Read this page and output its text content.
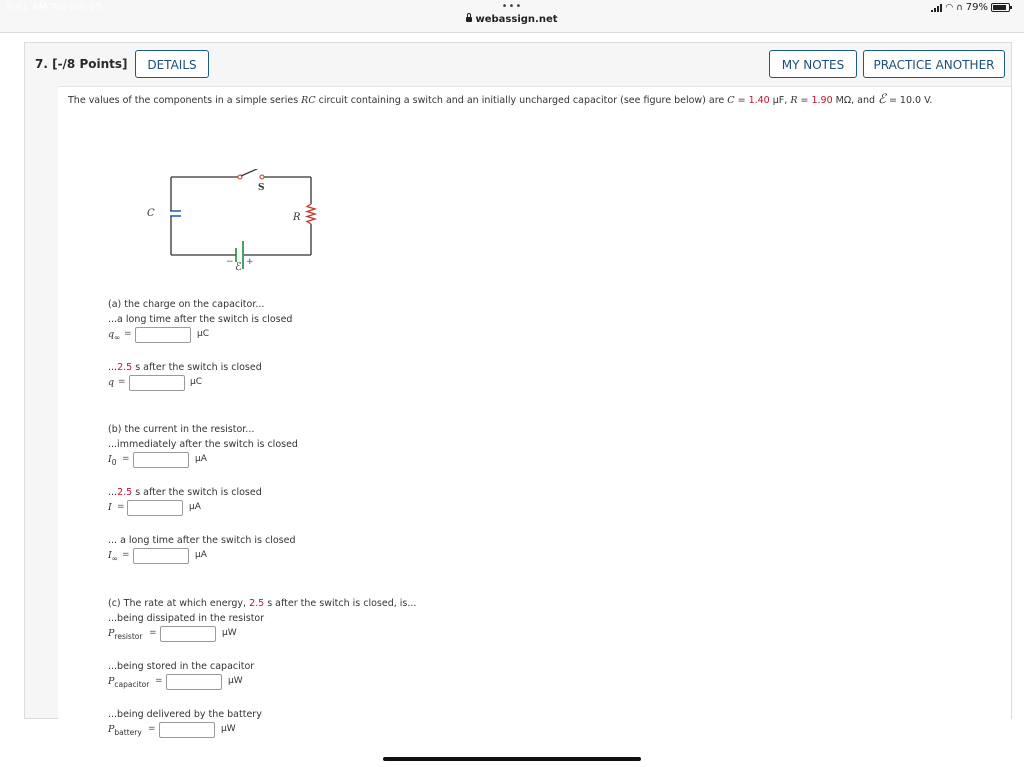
9:41 AM Tue Jun 15	•••
webassign.net
◠ ∩ 79%
7. [-/8 Points]	DETAILS	MY NOTES	PRACTICE ANOTHER
The values of the components in a simple series RC circuit containing a switch and an initially uncharged capacitor (see figure below) are C = 1.40 μF, R = 1.90 MΩ, and ℰ = 10.0 V.
S
C	R
ℰ
− +
(a) the charge on the capacitor...
...a long time after the switch is closed
$q_\infty$ =	μC
...2.5 s after the switch is closed
q =	μC
(b) the current in the resistor...
...immediately after the switch is closed
$I_0$ =	μA
...2.5 s after the switch is closed
I =	μA
... a long time after the switch is closed
$I_\infty$ =	μA
(c) The rate at which energy, 2.5 s after the switch is closed, is...
...being dissipated in the resistor
$P_{resistor}$ =	μW
...being stored in the capacitor
$P_{capacitor}$ =	μW
...being delivered by the battery
$P_{battery}$ =	μW
